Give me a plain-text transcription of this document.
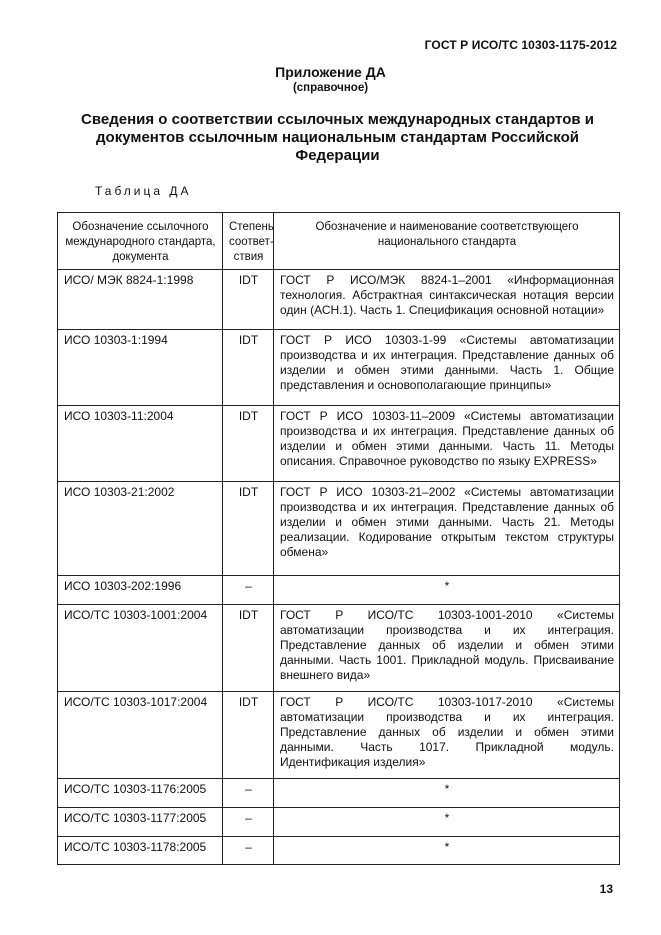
ГОСТ Р ИСО/ТС 10303-1175-2012
Приложение ДА
(справочное)
Сведения о соответствии ссылочных международных стандартов и документов ссылочным национальным стандартам Российской Федерации
Таблица ДА
Обозначение ссылочного международного стандарта, документа	Степень соответ-ствия	Обозначение и наименование соответствующего национального стандарта
ИСО/ МЭК 8824-1:1998	IDT	ГОСТ Р ИСО/МЭК 8824-1–2001 «Информационная технология. Абстрактная синтаксическая нотация версии один (АСН.1). Часть 1. Спецификация основной нотации»
ИСО 10303-1:1994	IDT	ГОСТ Р ИСО 10303-1-99 «Системы автоматизации производства и их интеграция. Представление данных об изделии и обмен этими данными. Часть 1. Общие представления и основополагающие принципы»
ИСО 10303-11:2004	IDT	ГОСТ Р ИСО 10303-11–2009 «Системы автоматизации производства и их интеграция. Представление данных об изделии и обмен этими данными. Часть 11. Методы описания. Справочное руководство по языку EXPRESS»
ИСО 10303-21:2002	IDT	ГОСТ Р ИСО 10303-21–2002 «Системы автоматизации производства и их интеграция. Представление данных об изделии и обмен этими данными. Часть 21. Методы реализации. Кодирование открытым текстом структуры обмена»
ИСО 10303-202:1996	–	*
ИСО/ТС 10303-1001:2004	IDT	ГОСТ Р ИСО/ТС 10303-1001-2010 «Системы автоматизации производства и их интеграция. Представление данных об изделии и обмен этими данными. Часть 1001. Прикладной модуль. Присваивание внешнего вида»
ИСО/ТС 10303-1017:2004	IDT	ГОСТ Р ИСО/ТС 10303-1017-2010 «Системы автоматизации производства и их интеграция. Представление данных об изделии и обмен этими данными. Часть 1017. Прикладной модуль. Идентификация изделия»
ИСО/ТС 10303-1176:2005	–	*
ИСО/ТС 10303-1177:2005	–	*
ИСО/ТС 10303-1178:2005	–	*
13
